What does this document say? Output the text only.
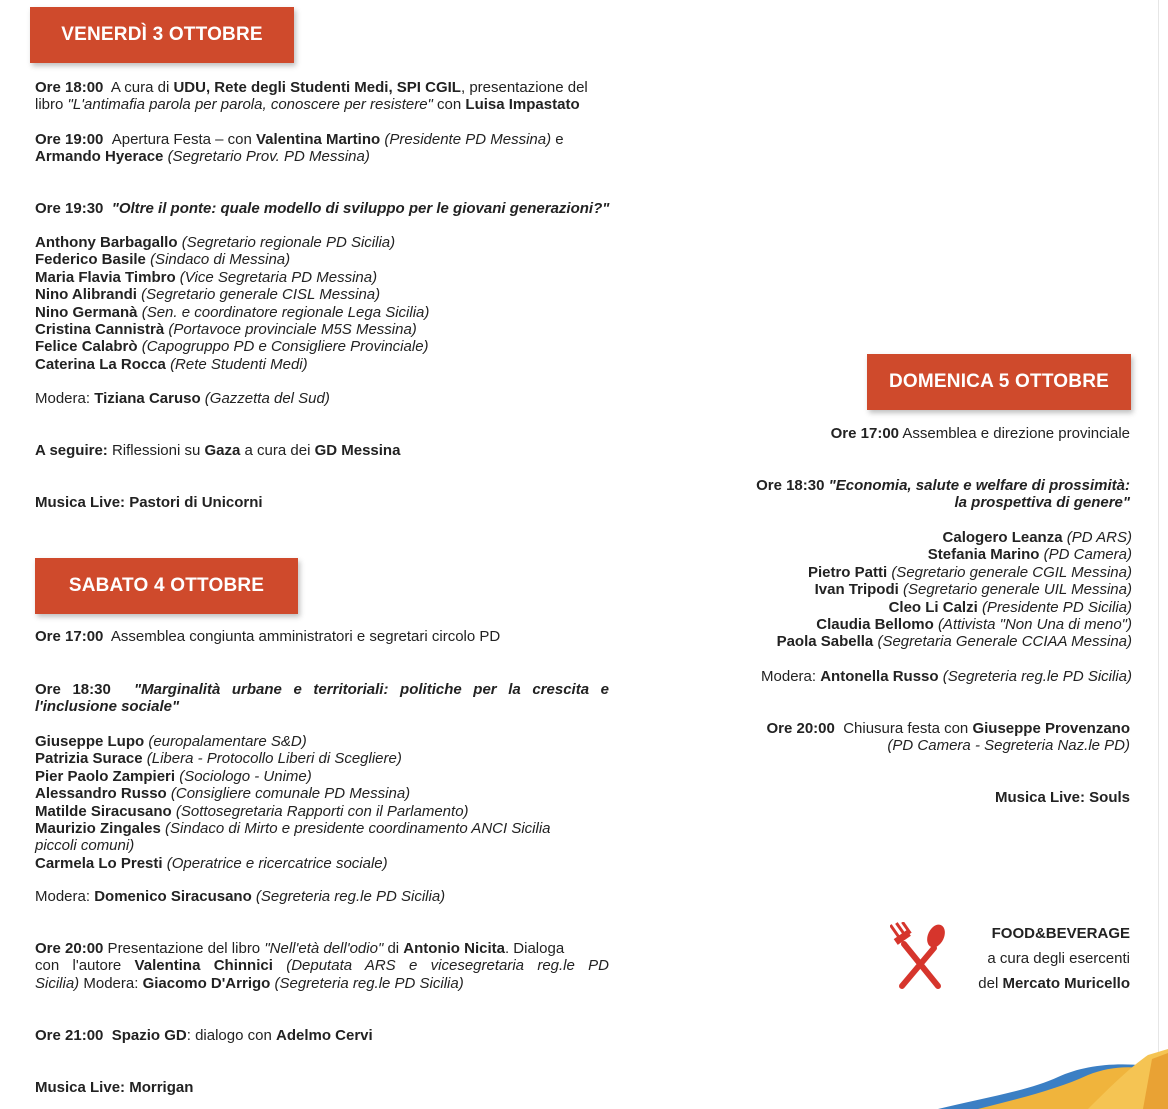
VENERDÌ 3 OTTOBRE
Ore 18:00 A cura di UDU, Rete degli Studenti Medi, SPI CGIL, presentazione del
libro "L'antimafia parola per parola, conoscere per resistere" con Luisa Impastato
Ore 19:00 Apertura Festa – con Valentina Martino (Presidente PD Messina) e
Armando Hyerace (Segretario Prov. PD Messina)
Ore 19:30 "Oltre il ponte: quale modello di sviluppo per le giovani generazioni?"
Anthony Barbagallo (Segretario regionale PD Sicilia)
Federico Basile (Sindaco di Messina)
Maria Flavia Timbro (Vice Segretaria PD Messina)
Nino Alibrandi (Segretario generale CISL Messina)
Nino Germanà (Sen. e coordinatore regionale Lega Sicilia)
Cristina Cannistrà (Portavoce provinciale M5S Messina)
Felice Calabrò (Capogruppo PD e Consigliere Provinciale)
Caterina La Rocca (Rete Studenti Medi)
Modera: Tiziana Caruso (Gazzetta del Sud)
A seguire: Riflessioni su Gaza a cura dei GD Messina
Musica Live: Pastori di Unicorni
SABATO 4 OTTOBRE
Ore 17:00 Assemblea congiunta amministratori e segretari circolo PD
Ore 18:30 "Marginalità urbane e territoriali: politiche per la crescita e
l'inclusione sociale"
Giuseppe Lupo (europalamentare S&D)
Patrizia Surace (Libera - Protocollo Liberi di Scegliere)
Pier Paolo Zampieri (Sociologo - Unime)
Alessandro Russo (Consigliere comunale PD Messina)
Matilde Siracusano (Sottosegretaria Rapporti con il Parlamento)
Maurizio Zingales (Sindaco di Mirto e presidente coordinamento ANCI Sicilia
piccoli comuni)
Carmela Lo Presti (Operatrice e ricercatrice sociale)
Modera: Domenico Siracusano (Segreteria reg.le PD Sicilia)
Ore 20:00 Presentazione del libro "Nell'età dell'odio" di Antonio Nicita. Dialoga
con l'autore Valentina Chinnici (Deputata ARS e vicesegretaria reg.le PD
Sicilia) Modera: Giacomo D'Arrigo (Segreteria reg.le PD Sicilia)
Ore 21:00 Spazio GD: dialogo con Adelmo Cervi
Musica Live: Morrigan
DOMENICA 5 OTTOBRE
Ore 17:00 Assemblea e direzione provinciale
Ore 18:30 "Economia, salute e welfare di prossimità:
la prospettiva di genere"
Calogero Leanza (PD ARS)
Stefania Marino (PD Camera)
Pietro Patti (Segretario generale CGIL Messina)
Ivan Tripodi (Segretario generale UIL Messina)
Cleo Li Calzi (Presidente PD Sicilia)
Claudia Bellomo (Attivista "Non Una di meno")
Paola Sabella (Segretaria Generale CCIAA Messina)
Modera: Antonella Russo (Segreteria reg.le PD Sicilia)
Ore 20:00 Chiusura festa con Giuseppe Provenzano
(PD Camera - Segreteria Naz.le PD)
Musica Live: Souls
FOOD&BEVERAGE
a cura degli esercenti
del Mercato Muricello
